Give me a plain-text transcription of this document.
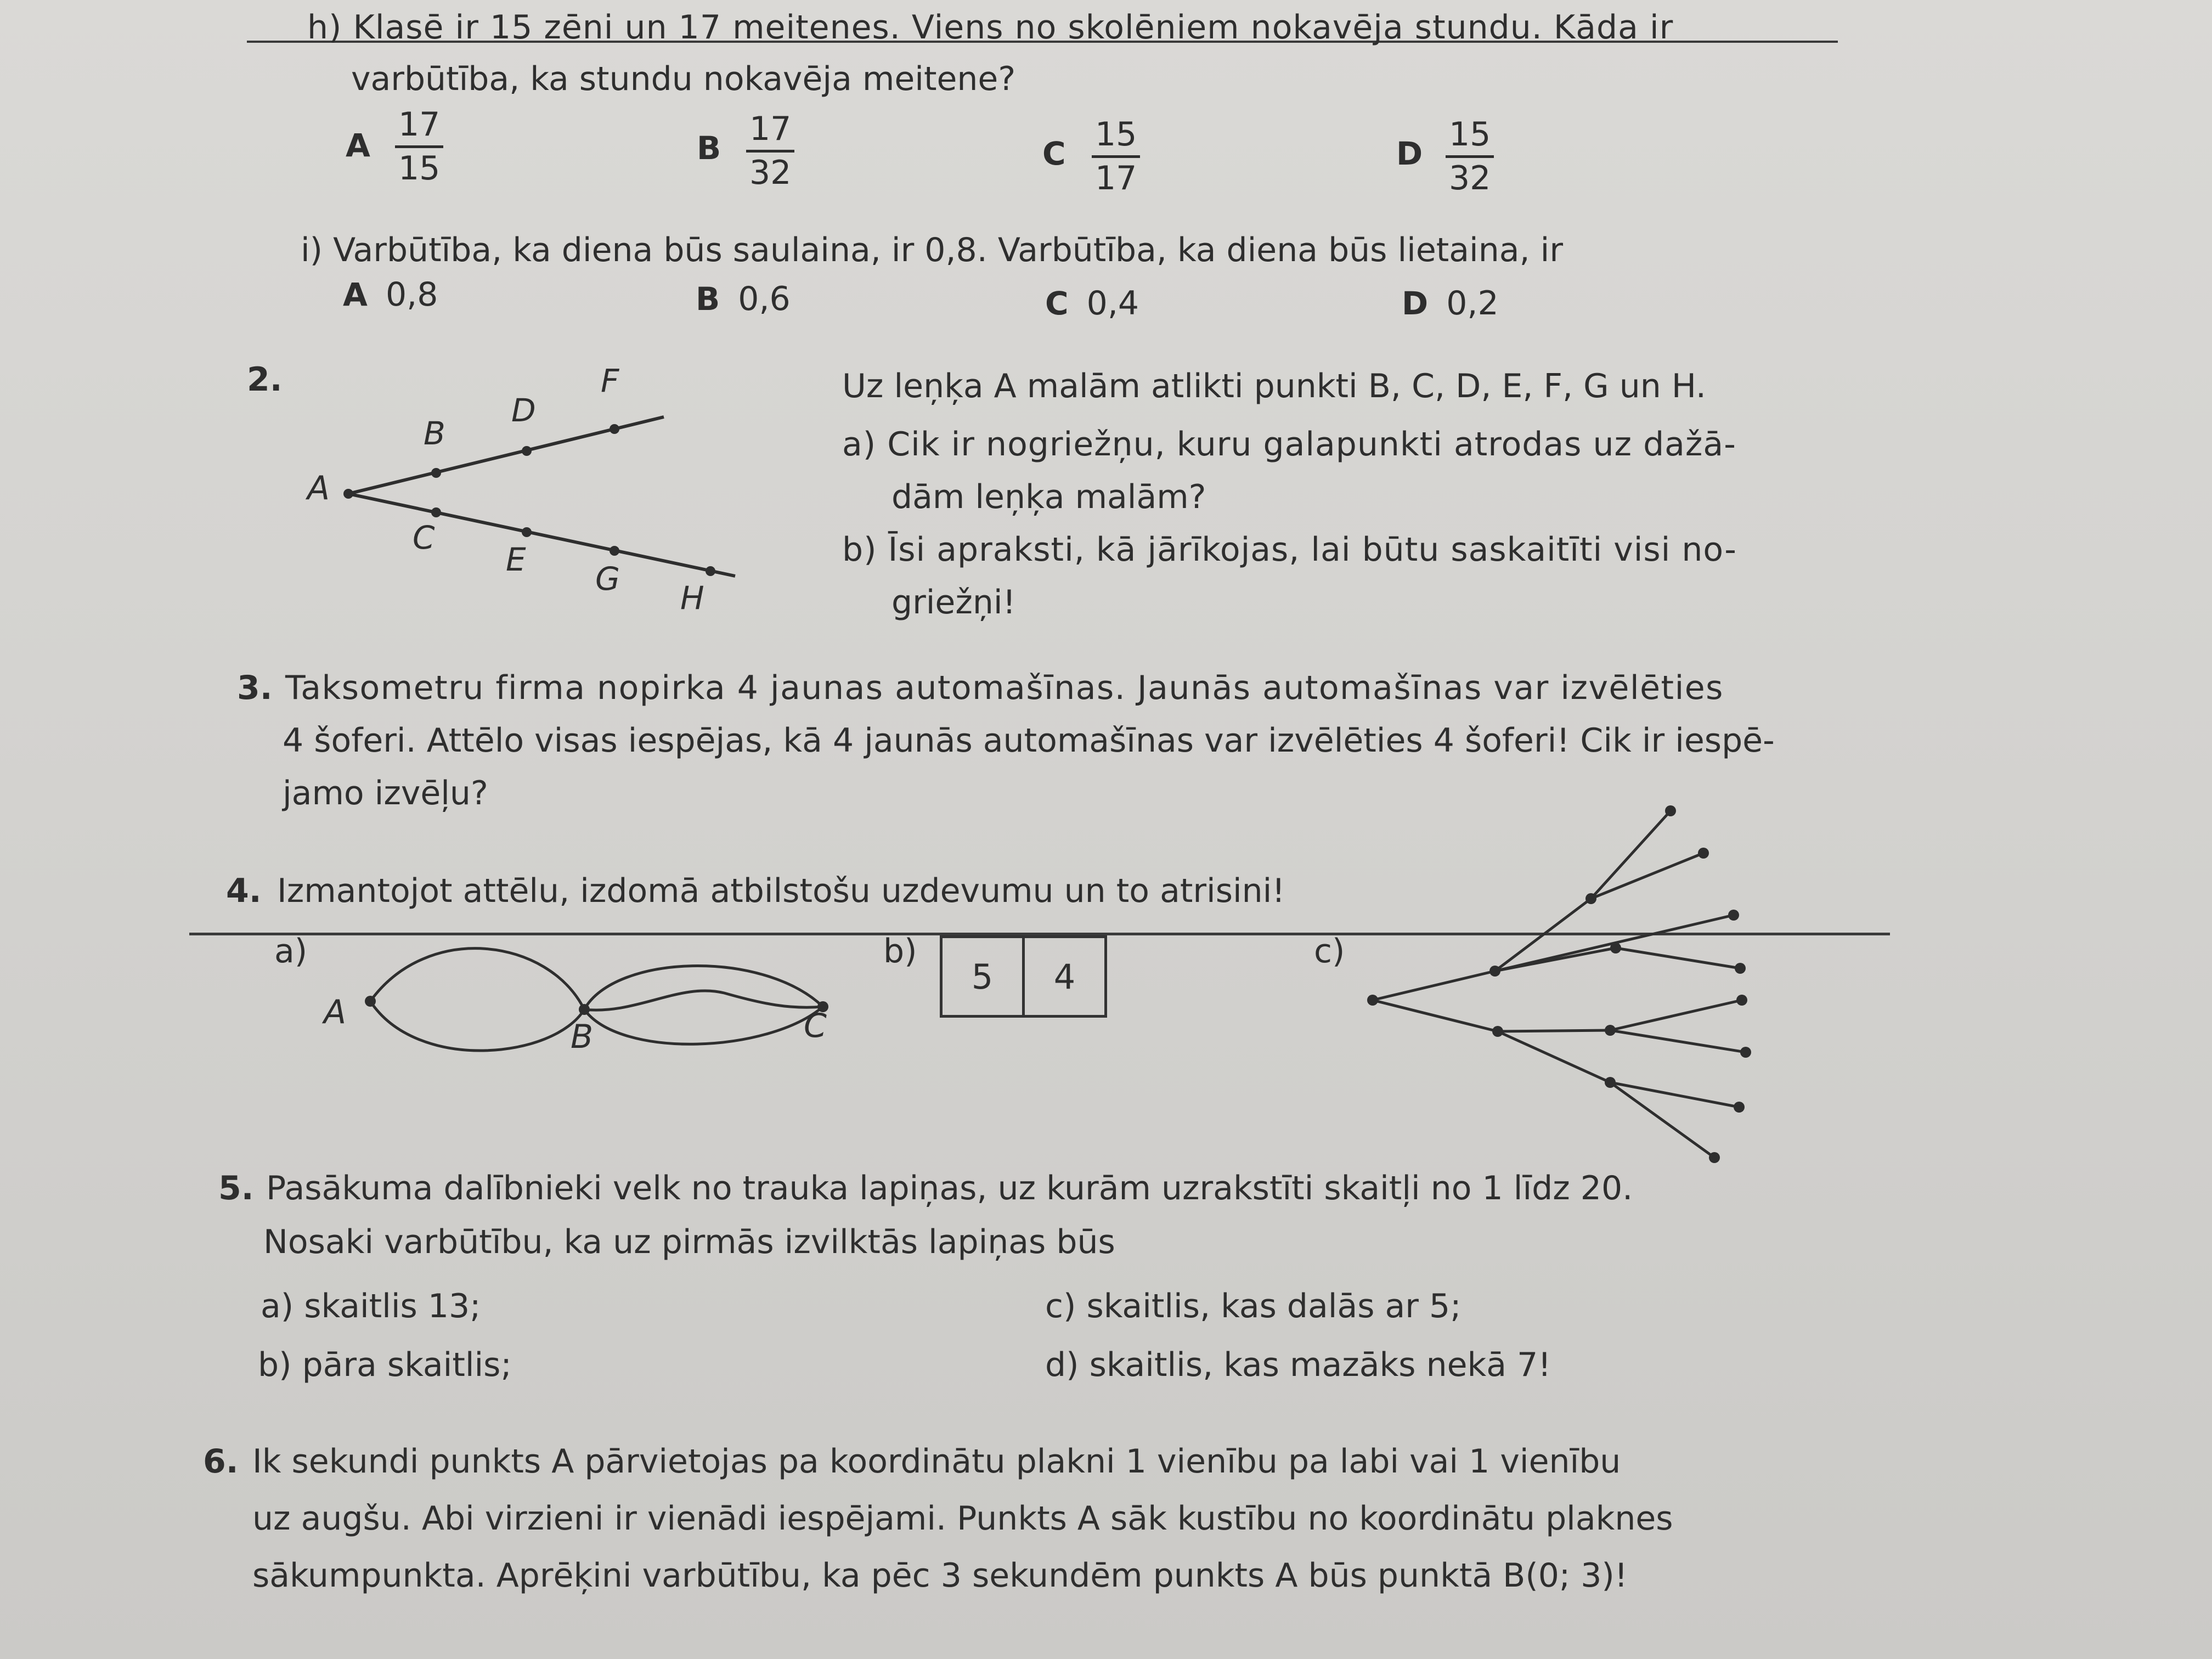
h) Klasē ir 15 zēni un 17 meitenes. Viens no skolēniem nokavēja stundu. Kāda ir
varbūtība, ka stundu nokavēja meitene?
A $\frac{17}{15}$	B $\frac{17}{32}$	C $\frac{15}{17}$	D $\frac{15}{32}$
i) Varbūtība, ka diena būs saulaina, ir 0,8. Varbūtība, ka diena būs lietaina, ir
A 0,8	B 0,6	C 0,4	D 0,2
2.
A
B
D
F
C
E
G
H
Uz leņķa A malām atlikti punkti B, C, D, E, F, G un H.
a) Cik ir nogriežņu, kuru galapunkti atrodas uz dažā-
dām leņķa malām?
b) Īsi apraksti, kā jārīkojas, lai būtu saskaitīti visi no-
griežņi!
3. Taksometru firma nopirka 4 jaunas automašīnas. Jaunās automašīnas var izvēlēties
4 šoferi. Attēlo visas iespējas, kā 4 jaunās automašīnas var izvēlēties 4 šoferi! Cik ir iespē-
jamo izvēļu?
4. Izmantojot attēlu, izdomā atbilstošu uzdevumu un to atrisini!
a)	b)	c)
A
B	C
5	4
5. Pasākuma dalībnieki velk no trauka lapiņas, uz kurām uzrakstīti skaitļi no 1 līdz 20.
Nosaki varbūtību, ka uz pirmās izvilktās lapiņas būs
a) skaitlis 13;	c) skaitlis, kas dalās ar 5;
b) pāra skaitlis;	d) skaitlis, kas mazāks nekā 7!
6. Ik sekundi punkts A pārvietojas pa koordinātu plakni 1 vienību pa labi vai 1 vienību
uz augšu. Abi virzieni ir vienādi iespējami. Punkts A sāk kustību no koordinātu plaknes
sākumpunkta. Aprēķini varbūtību, ka pēc 3 sekundēm punkts A būs punktā B(0; 3)!
